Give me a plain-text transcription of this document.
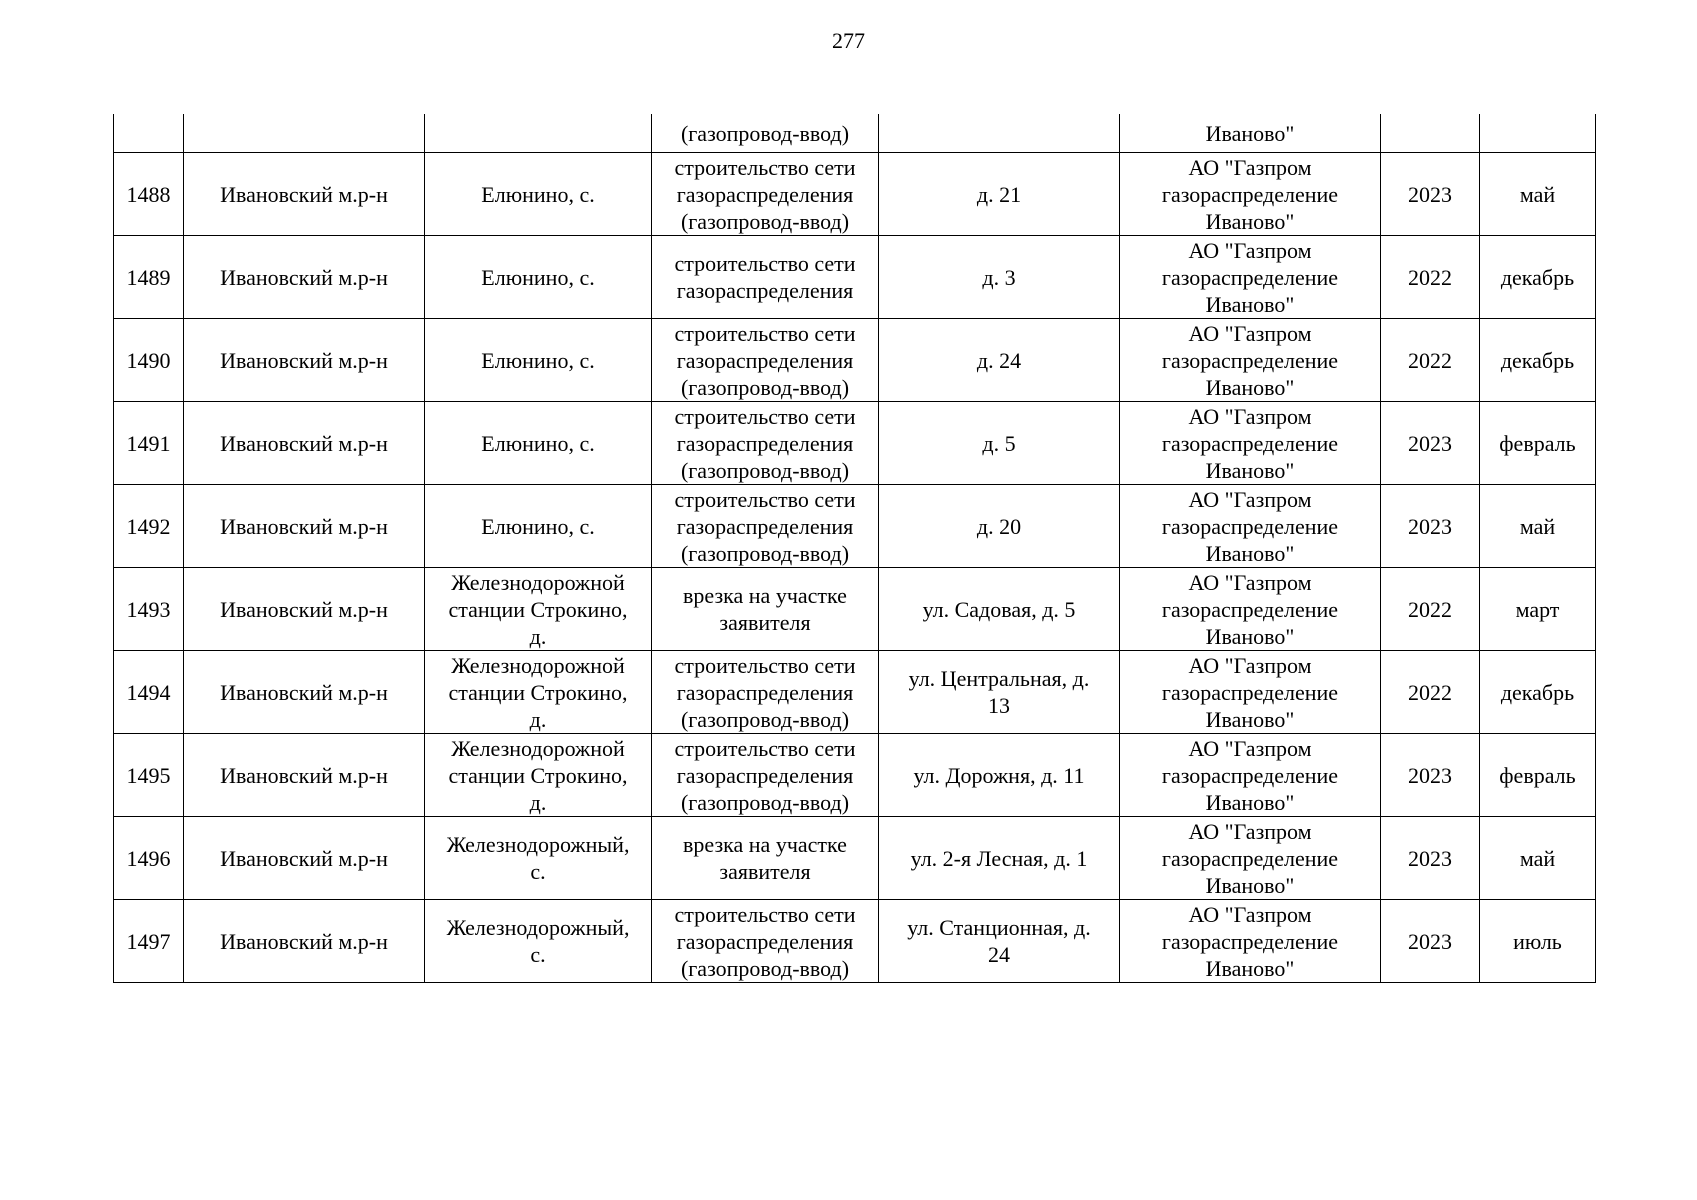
277
			(газопровод-ввод)		Иваново"		
1488	Ивановский м.р-н	Елюнино, с.	строительство сети
газораспределения
(газопровод-ввод)	д. 21	АО "Газпром
газораспределение
Иваново"	2023	май
1489	Ивановский м.р-н	Елюнино, с.	строительство сети
газораспределения	д. 3	АО "Газпром
газораспределение
Иваново"	2022	декабрь
1490	Ивановский м.р-н	Елюнино, с.	строительство сети
газораспределения
(газопровод-ввод)	д. 24	АО "Газпром
газораспределение
Иваново"	2022	декабрь
1491	Ивановский м.р-н	Елюнино, с.	строительство сети
газораспределения
(газопровод-ввод)	д. 5	АО "Газпром
газораспределение
Иваново"	2023	февраль
1492	Ивановский м.р-н	Елюнино, с.	строительство сети
газораспределения
(газопровод-ввод)	д. 20	АО "Газпром
газораспределение
Иваново"	2023	май
1493	Ивановский м.р-н	Железнодорожной
станции Строкино,
д.	врезка на участке
заявителя	ул. Садовая, д. 5	АО "Газпром
газораспределение
Иваново"	2022	март
1494	Ивановский м.р-н	Железнодорожной
станции Строкино,
д.	строительство сети
газораспределения
(газопровод-ввод)	ул. Центральная, д.
13	АО "Газпром
газораспределение
Иваново"	2022	декабрь
1495	Ивановский м.р-н	Железнодорожной
станции Строкино,
д.	строительство сети
газораспределения
(газопровод-ввод)	ул. Дорожня, д. 11	АО "Газпром
газораспределение
Иваново"	2023	февраль
1496	Ивановский м.р-н	Железнодорожный,
с.	врезка на участке
заявителя	ул. 2-я Лесная, д. 1	АО "Газпром
газораспределение
Иваново"	2023	май
1497	Ивановский м.р-н	Железнодорожный,
с.	строительство сети
газораспределения
(газопровод-ввод)	ул. Станционная, д.
24	АО "Газпром
газораспределение
Иваново"	2023	июль
